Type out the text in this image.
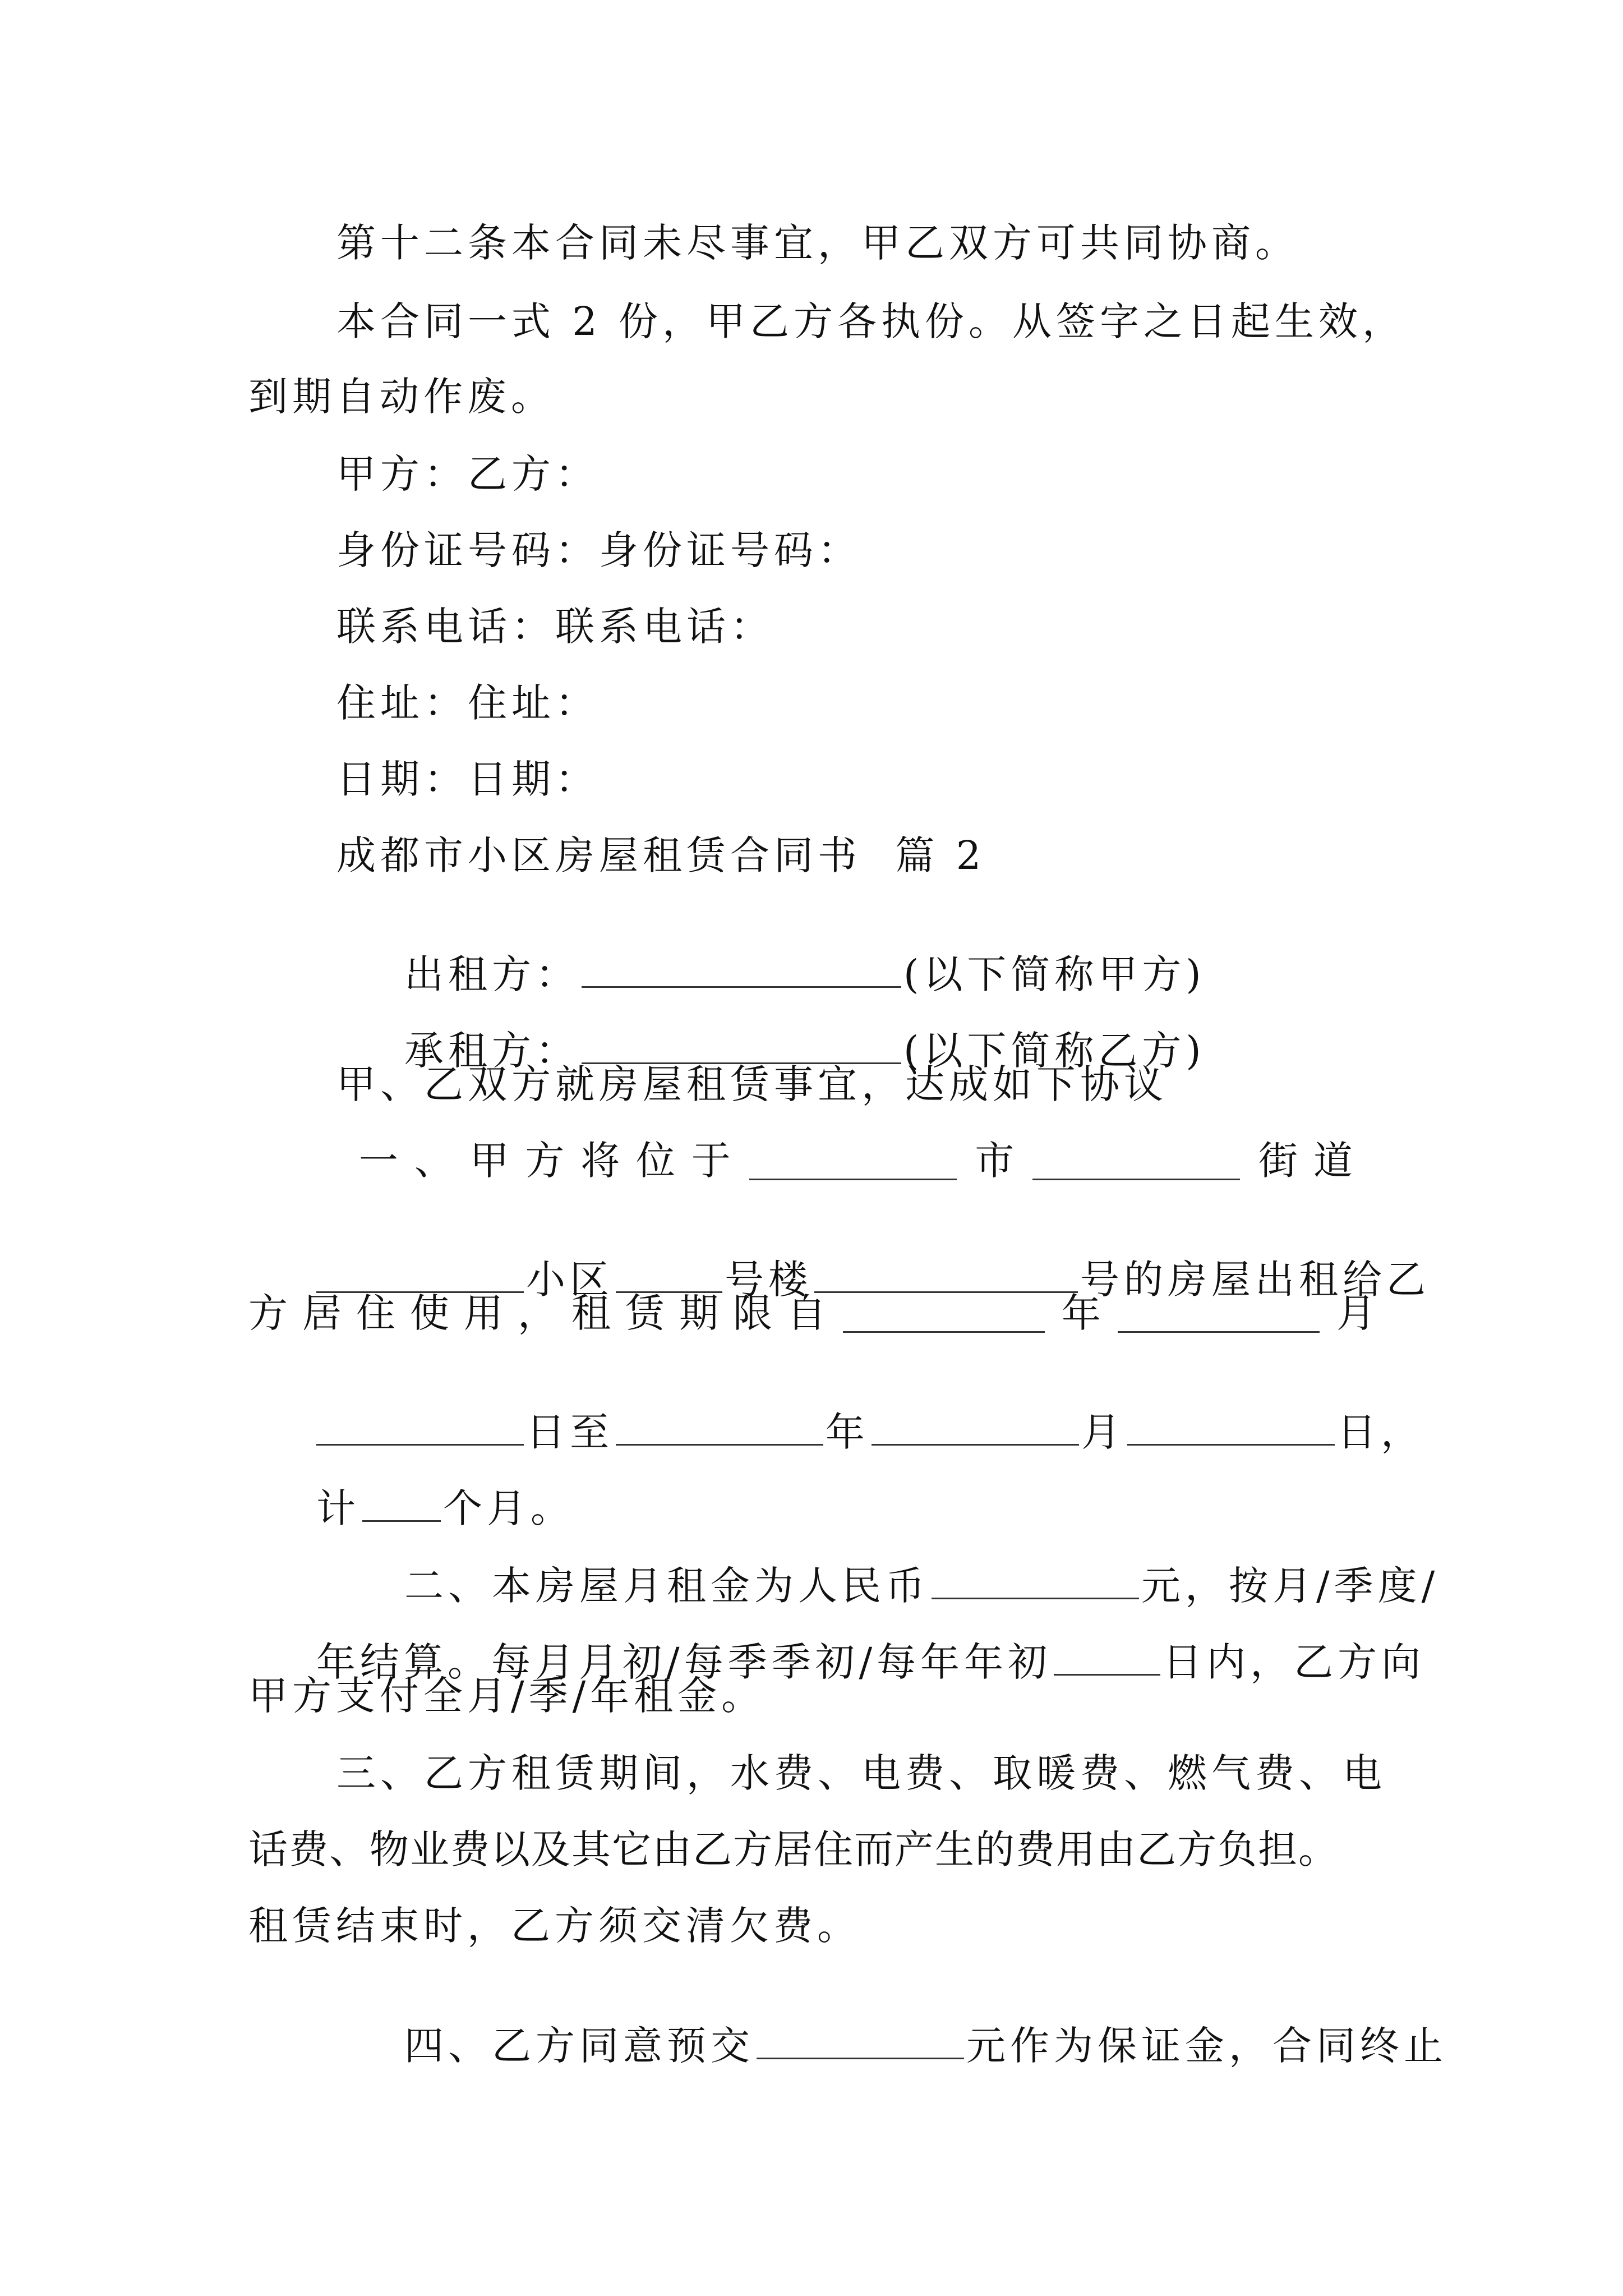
第十二条本合同未尽事宜，甲乙双方可共同协商。
本合同一式 2 份，甲乙方各执份。从签字之日起生效，
到期自动作废。
甲方：乙方：
身份证号码：身份证号码：
联系电话：联系电话：
住址：住址：
日期：日期：
成都市小区房屋租赁合同书  篇 2

出租方：	(以下简称甲方)

承租方：	(以下简称乙方)

甲、乙双方就房屋租赁事宜，达成如下协议
一 、 甲 方 将 位 于	市	街道

小区	号楼	号的房屋出租给乙

方 居 住 使 用 ， 租 赁 期 限 自	年	月

日至	年	月	日，

计 个月。

二、本房屋月租金为人民币	元，按月/季度/

年结算。每月月初/每季季初/每年年初	日内，乙方向

甲方支付全月/季/年租金。
三、乙方租赁期间，水费、电费、取暖费、燃气费、电
话费、物业费以及其它由乙方居住而产生的费用由乙方负担。
租赁结束时，乙方须交清欠费。

四、乙方同意预交	元作为保证金，合同终止
